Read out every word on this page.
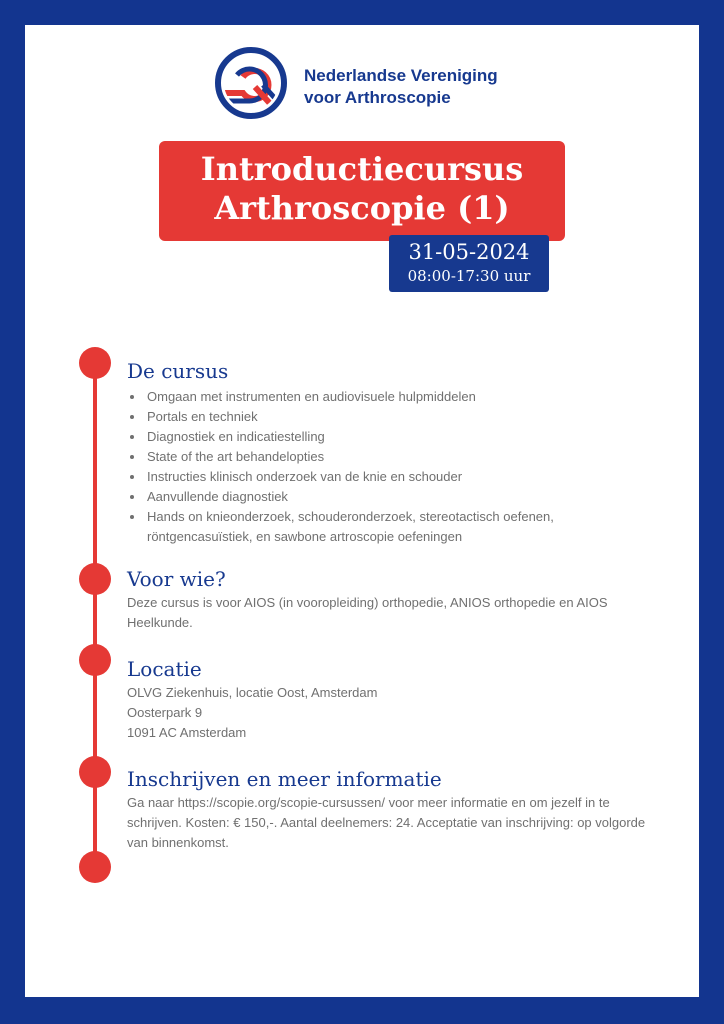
Nederlandse Vereniging
voor Arthroscopie
Introductiecursus
Arthroscopie (1)
31-05-2024
08:00-17:30 uur
De cursus
• Omgaan met instrumenten en audiovisuele hulpmiddelen
• Portals en techniek
• Diagnostiek en indicatiestelling
• State of the art behandelopties
• Instructies klinisch onderzoek van de knie en schouder
• Aanvullende diagnostiek
• Hands on knieonderzoek, schouderonderzoek, stereotactisch oefenen, röntgencasuïstiek, en sawbone artroscopie oefeningen
Voor wie?

Deze cursus is voor AIOS (in vooropleiding) orthopedie, ANIOS orthopedie en AIOS Heelkunde.

Locatie

OLVG Ziekenhuis, locatie Oost, Amsterdam

Oosterpark 9

1091 AC Amsterdam

Inschrijven en meer informatie

Ga naar https://scopie.org/scopie-cursussen/ voor meer informatie en om jezelf in te schrijven. Kosten: € 150,-. Aantal deelnemers: 24. Acceptatie van inschrijving: op volgorde van binnenkomst.
